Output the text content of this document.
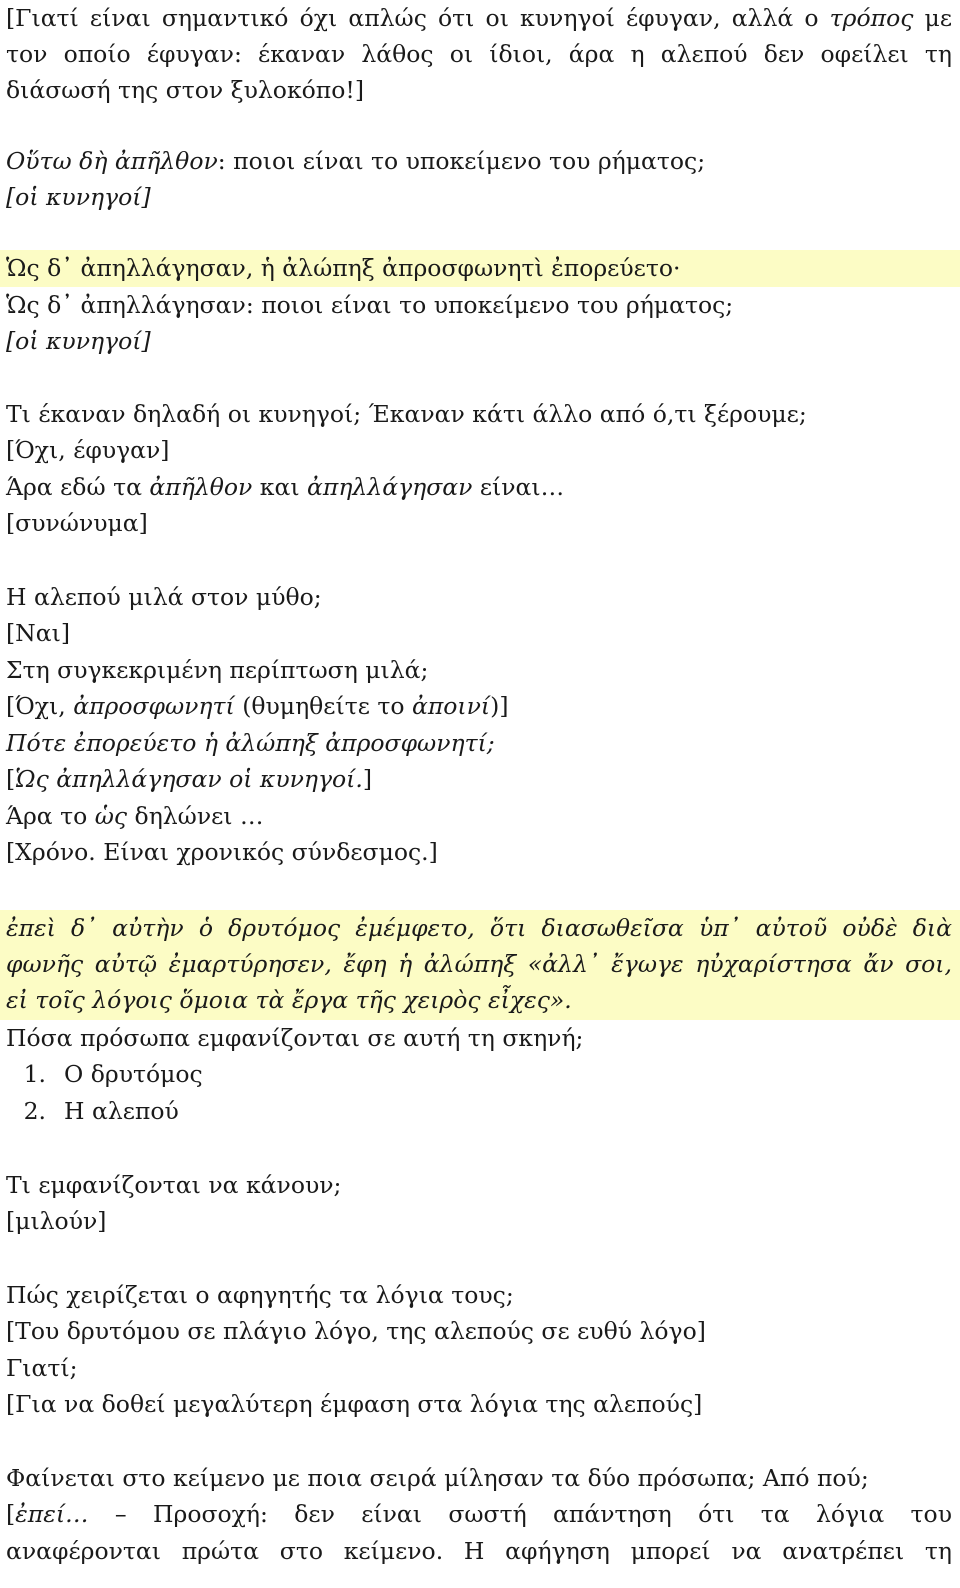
[Γιατί είναι σημαντικό όχι απλώς ότι οι κυνηγοί έφυγαν, αλλά ο τρόπος με
τον οποίο έφυγαν: έκαναν λάθος οι ίδιοι, άρα η αλεπού δεν οφείλει τη
διάσωσή της στον ξυλοκόπο!]
Οὕτω δὴ ἀπῆλθον: ποιοι είναι το υποκείμενο του ρήματος;
[οἱ κυνηγοί]
Ὡς δ᾽ ἀπηλλάγησαν, ἡ ἀλώπηξ ἀπροσφωνητὶ ἐπορεύετο·
Ὡς δ᾽ ἀπηλλάγησαν: ποιοι είναι το υποκείμενο του ρήματος;
[οἱ κυνηγοί]
Τι έκαναν δηλαδή οι κυνηγοί; Έκαναν κάτι άλλο από ό,τι ξέρουμε;
[Όχι, έφυγαν]
Άρα εδώ τα ἀπῆλθον και ἀπηλλάγησαν είναι…
[συνώνυμα]
Η αλεπού μιλά στον μύθο;
[Ναι]
Στη συγκεκριμένη περίπτωση μιλά;
[Όχι, ἀπροσφωνητί (θυμηθείτε το ἀποινί)]
Πότε ἐπορεύετο ἡ ἀλώπηξ ἀπροσφωνητί;
[Ὡς ἀπηλλάγησαν οἱ κυνηγοί.]
Άρα το ὡς δηλώνει …
[Χρόνο. Είναι χρονικός σύνδεσμος.]
ἐπεὶ δ᾽ αὐτὴν ὁ δρυτόμος ἐμέμφετο, ὅτι διασωθεῖσα ὑπ᾽ αὐτοῦ οὐδὲ διὰ
φωνῆς αὐτῷ ἐμαρτύρησεν, ἔφη ἡ ἀλώπηξ «ἀλλ᾽ ἔγωγε ηὐχαρίστησα ἄν σοι,
εἰ τοῖς λόγοις ὅμοια τὰ ἔργα τῆς χειρὸς εἶχες».
Πόσα πρόσωπα εμφανίζονται σε αυτή τη σκηνή;
1. Ο δρυτόμος
2. Η αλεπού
Τι εμφανίζονται να κάνουν;
[μιλούν]
Πώς χειρίζεται ο αφηγητής τα λόγια τους;
[Του δρυτόμου σε πλάγιο λόγο, της αλεπούς σε ευθύ λόγο]
Γιατί;
[Για να δοθεί μεγαλύτερη έμφαση στα λόγια της αλεπούς]
Φαίνεται στο κείμενο με ποια σειρά μίλησαν τα δύο πρόσωπα; Από πού;
[ἐπεί… – Προσοχή: δεν είναι σωστή απάντηση ότι τα λόγια του
αναφέρονται πρώτα στο κείμενο. Η αφήγηση μπορεί να ανατρέπει τη
